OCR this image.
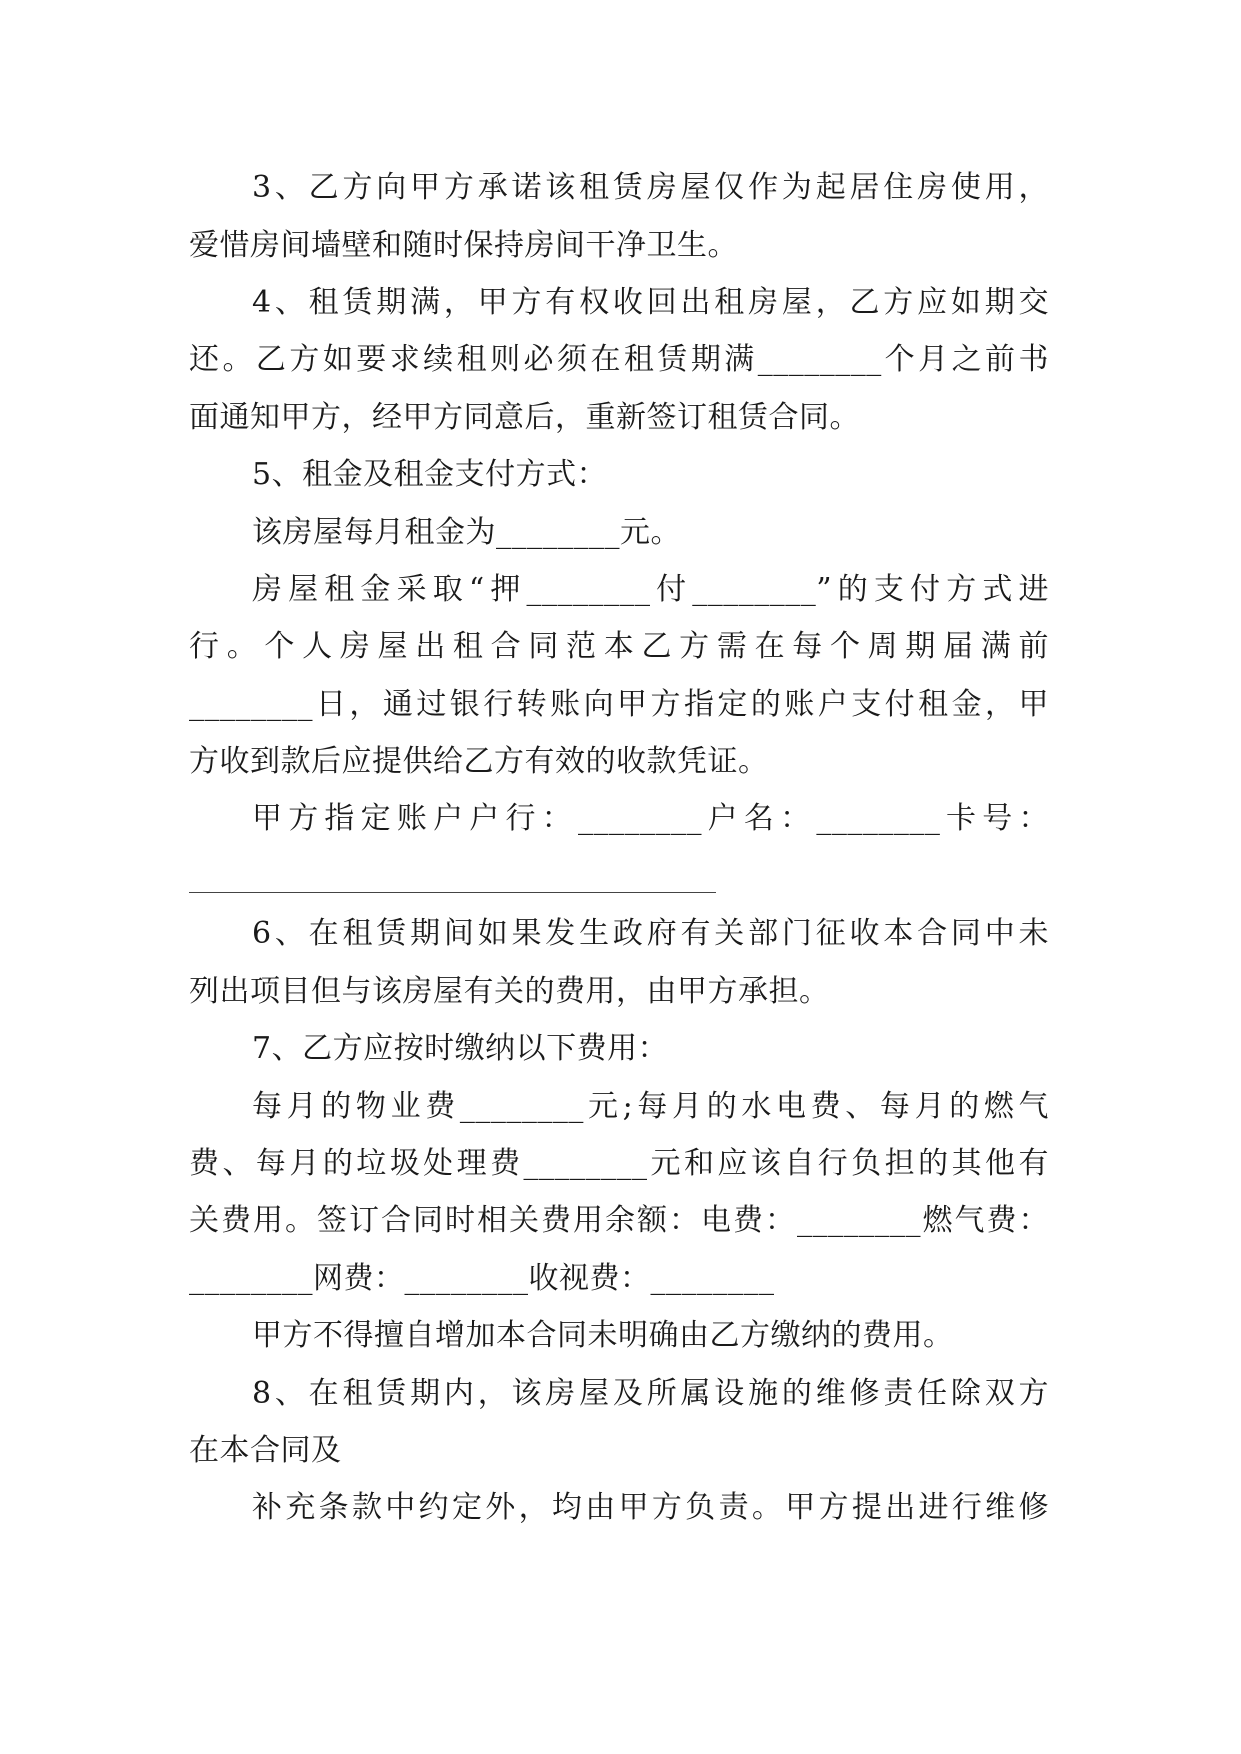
3、乙方向甲方承诺该租赁房屋仅作为起居住房使用，
爱惜房间墙壁和随时保持房间干净卫生。
4、租赁期满，甲方有权收回出租房屋，乙方应如期交
还。乙方如要求续租则必须在租赁期满________个月之前书
面通知甲方，经甲方同意后，重新签订租赁合同。
5、租金及租金支付方式：
该房屋每月租金为________元。
房屋租金采取“押________付________”的支付方式进
行。个人房屋出租合同范本乙方需在每个周期届满前
________日，通过银行转账向甲方指定的账户支付租金，甲
方收到款后应提供给乙方有效的收款凭证。
甲方指定账户户行：________户名：________卡号：
6、在租赁期间如果发生政府有关部门征收本合同中未
列出项目但与该房屋有关的费用，由甲方承担。
7、乙方应按时缴纳以下费用：
每月的物业费________元;每月的水电费、每月的燃气
费、每月的垃圾处理费________元和应该自行负担的其他有
关费用。签订合同时相关费用余额：电费：________燃气费：
________网费：________收视费：________
甲方不得擅自增加本合同未明确由乙方缴纳的费用。
8、在租赁期内，该房屋及所属设施的维修责任除双方
在本合同及
补充条款中约定外，均由甲方负责。甲方提出进行维修
